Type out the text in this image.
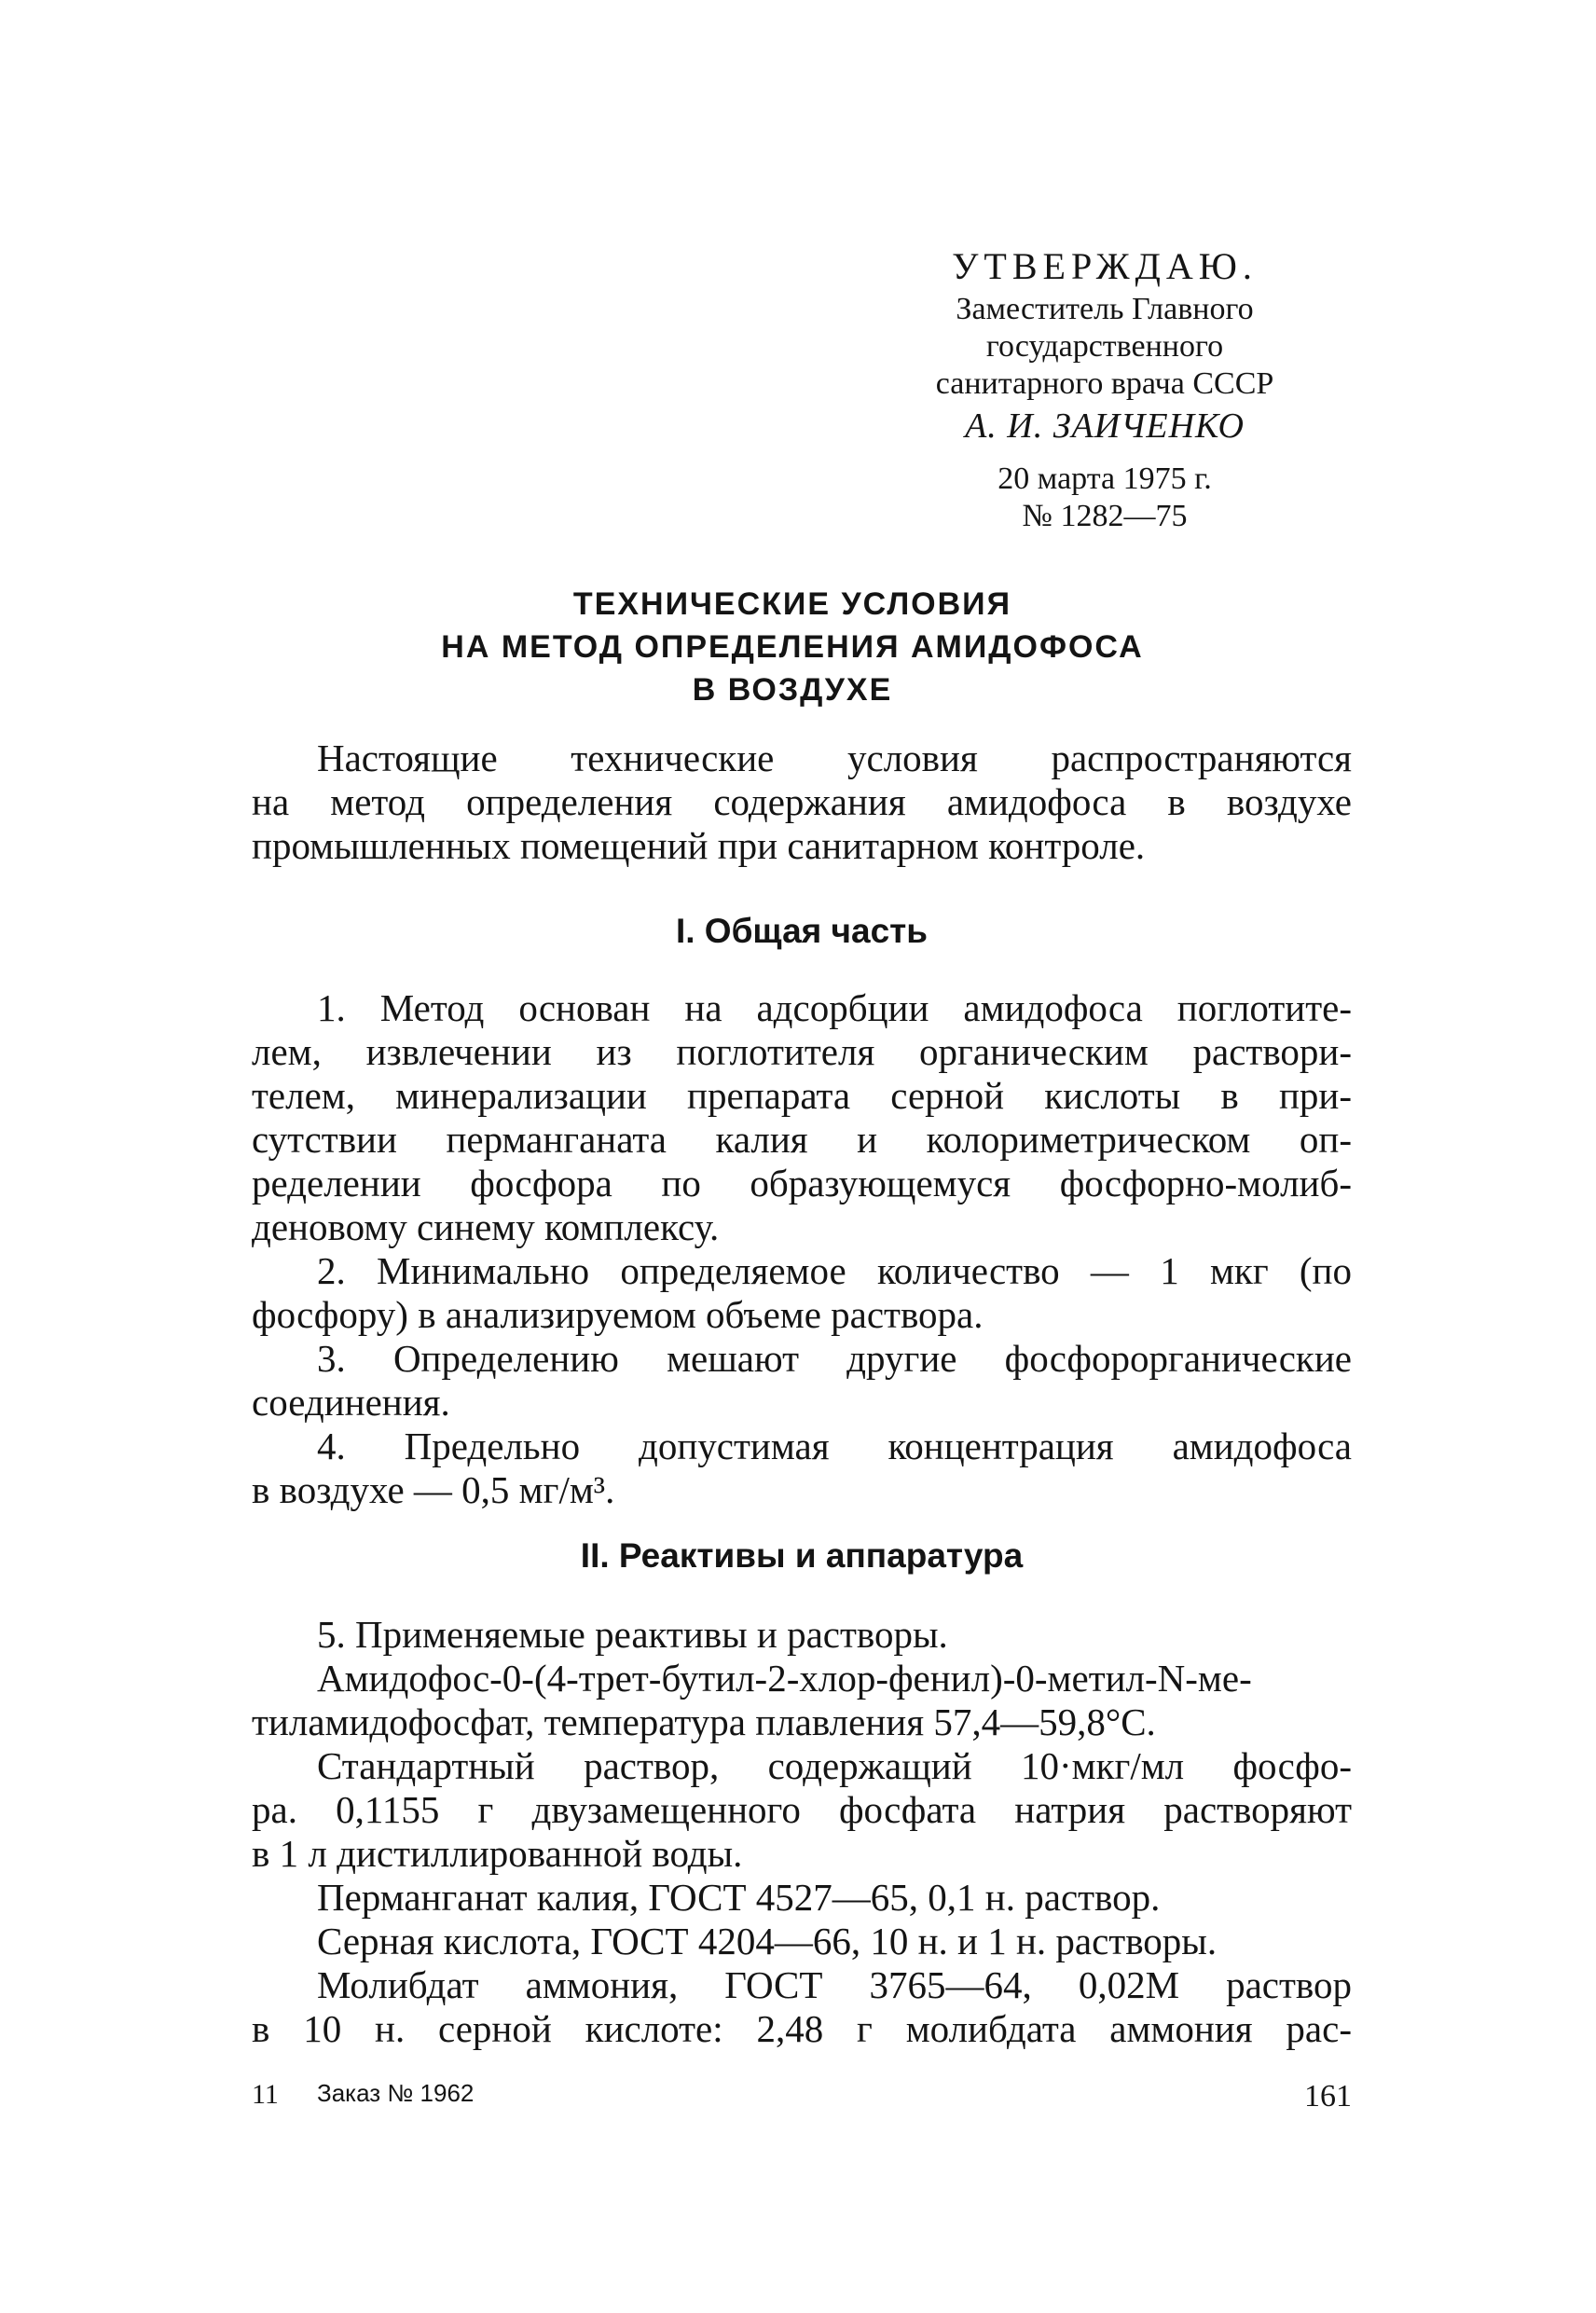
УТВЕРЖДАЮ.
Заместитель Главного
государственного
санитарного врача СССР
А. И. ЗАИЧЕНКО
20 марта 1975 г.
№ 1282—75
ТЕХНИЧЕСКИЕ УСЛОВИЯ
НА МЕТОД ОПРЕДЕЛЕНИЯ АМИДОФОСА
В ВОЗДУХЕ
Настоящие технические условия распространяются
на метод определения содержания амидофоса в воздухе
промышленных помещений при санитарном контроле.
I. Общая часть
1. Метод основан на адсорбции амидофоса поглотите-
лем, извлечении из поглотителя органическим раствори-
телем, минерализации препарата серной кислоты в при-
сутствии перманганата калия и колориметрическом оп-
ределении фосфора по образующемуся фосфорно-молиб-
деновому синему комплексу.
2. Минимально определяемое количество — 1 мкг (по
фосфору) в анализируемом объеме раствора.
3. Определению мешают другие фосфорорганические
соединения.
4. Предельно допустимая концентрация амидофоса
в воздухе — 0,5 мг/м³.
II. Реактивы и аппаратура
5. Применяемые реактивы и растворы.
Амидофос-0-(4-трет-бутил-2-хлор-фенил)-0-метил-N-ме-
тиламидофосфат, температура плавления 57,4—59,8°С.
Стандартный раствор, содержащий 10·мкг/мл фосфо-
ра. 0,1155 г двузамещенного фосфата натрия растворяют
в 1 л дистиллированной воды.
Перманганат калия, ГОСТ 4527—65, 0,1 н. раствор.
Серная кислота, ГОСТ 4204—66, 10 н. и 1 н. растворы.
Молибдат аммония, ГОСТ 3765—64, 0,02М раствор
в 10 н. серной кислоте: 2,48 г молибдата аммония рас-
11 Заказ № 1962	161
